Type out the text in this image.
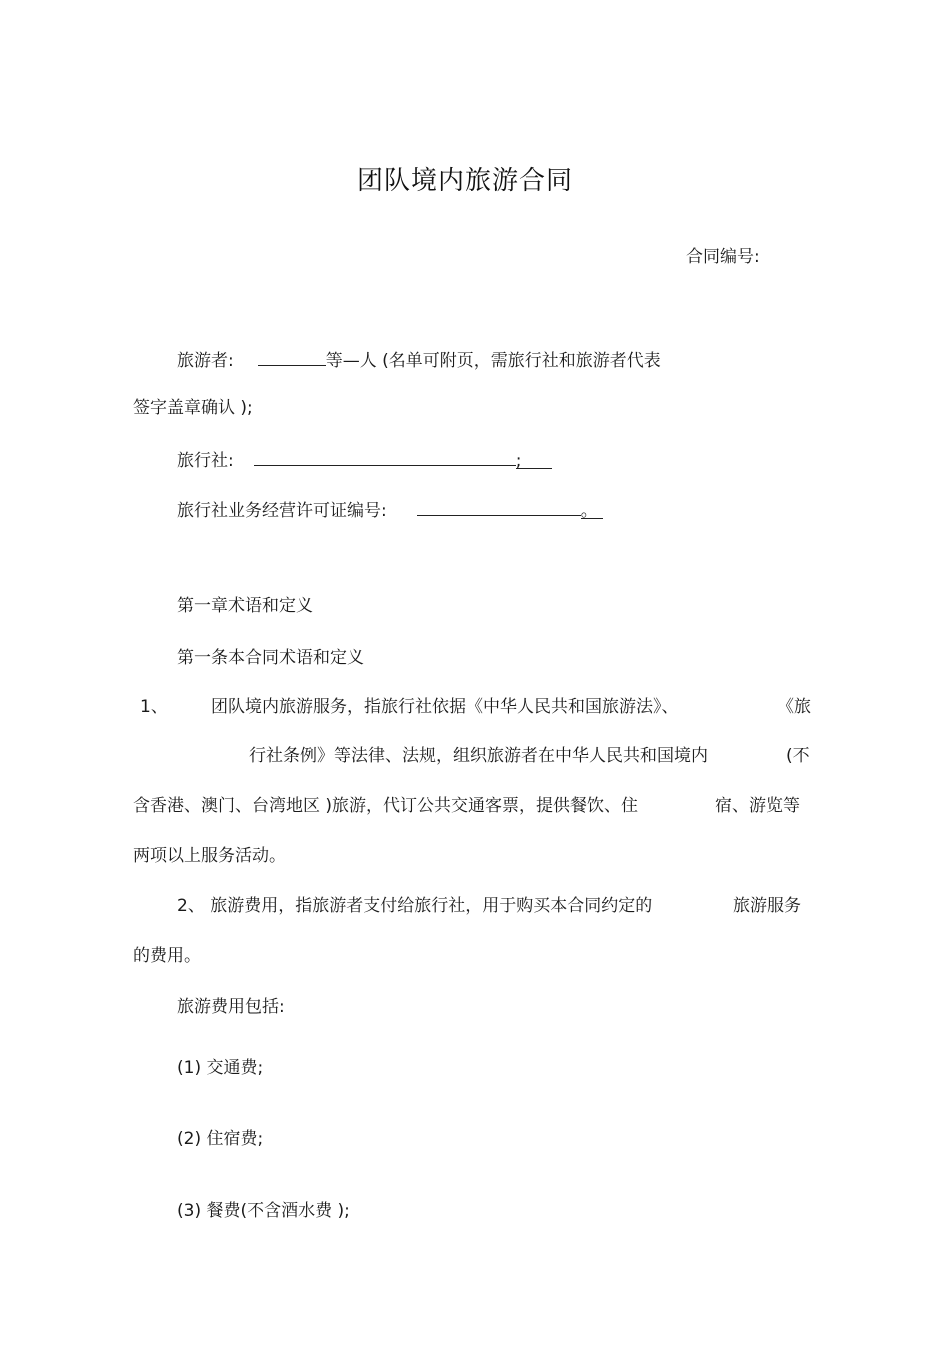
团队境内旅游合同
合同编号:
旅游者:	等—人 (名单可附页，需旅行社和旅游者代表
签字盖章确认 );
旅行社:	;
旅行社业务经营许可证编号:	。
第一章术语和定义
第一条本合同术语和定义
1、	团队境内旅游服务，指旅行社依据《中华人民共和国旅游法》、	《旅
行社条例》等法律、法规，组织旅游者在中华人民共和国境内	(不
含香港、澳门、台湾地区 )旅游，代订公共交通客票，提供餐饮、住	宿、游览等
两项以上服务活动。
2、 旅游费用，指旅游者支付给旅行社，用于购买本合同约定的	旅游服务
的费用。
旅游费用包括:
(1) 交通费;
(2) 住宿费;
(3) 餐费(不含酒水费 );
